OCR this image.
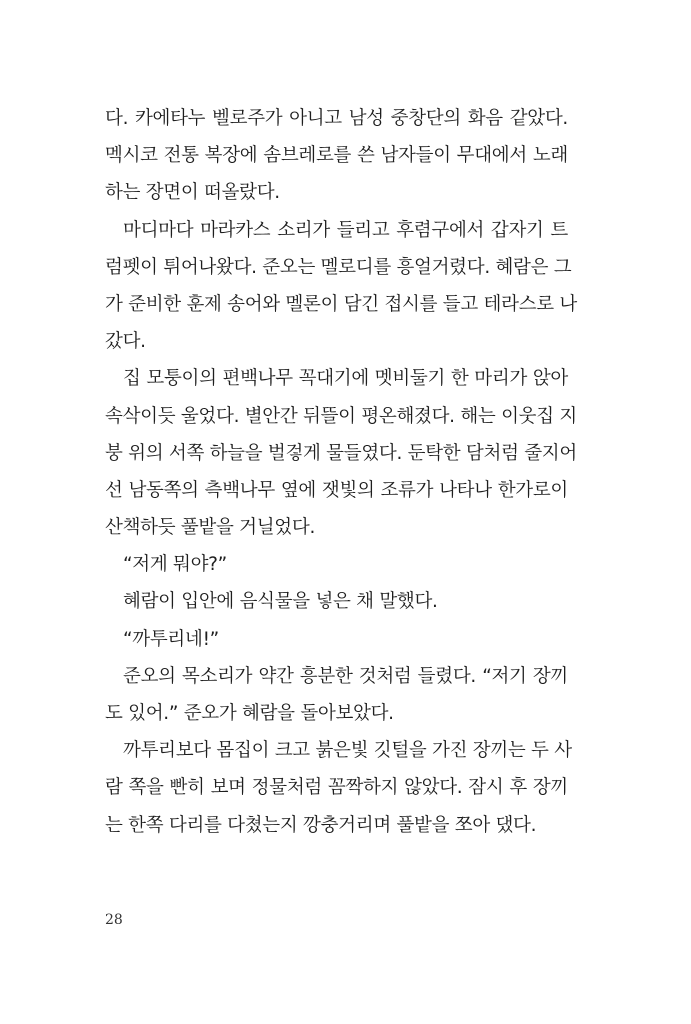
다. 카에타누 벨로주가 아니고 남성 중창단의 화음 같았다.
멕시코 전통 복장에 솜브레로를 쓴 남자들이 무대에서 노래
하는 장면이 떠올랐다.
마디마다 마라카스 소리가 들리고 후렴구에서 갑자기 트
럼펫이 튀어나왔다. 준오는 멜로디를 흥얼거렸다. 혜람은 그
가 준비한 훈제 송어와 멜론이 담긴 접시를 들고 테라스로 나
갔다.
집 모퉁이의 편백나무 꼭대기에 멧비둘기 한 마리가 앉아
속삭이듯 울었다. 별안간 뒤뜰이 평온해졌다. 해는 이웃집 지
붕 위의 서쪽 하늘을 벌겋게 물들였다. 둔탁한 담처럼 줄지어
선 남동쪽의 측백나무 옆에 잿빛의 조류가 나타나 한가로이
산책하듯 풀밭을 거닐었다.
“저게 뭐야?”
혜람이 입안에 음식물을 넣은 채 말했다.
“까투리네!”
준오의 목소리가 약간 흥분한 것처럼 들렸다. “저기 장끼
도 있어.” 준오가 혜람을 돌아보았다.
까투리보다 몸집이 크고 붉은빛 깃털을 가진 장끼는 두 사
람 쪽을 빤히 보며 정물처럼 꼼짝하지 않았다. 잠시 후 장끼
는 한쪽 다리를 다쳤는지 깡충거리며 풀밭을 쪼아 댔다.
28
